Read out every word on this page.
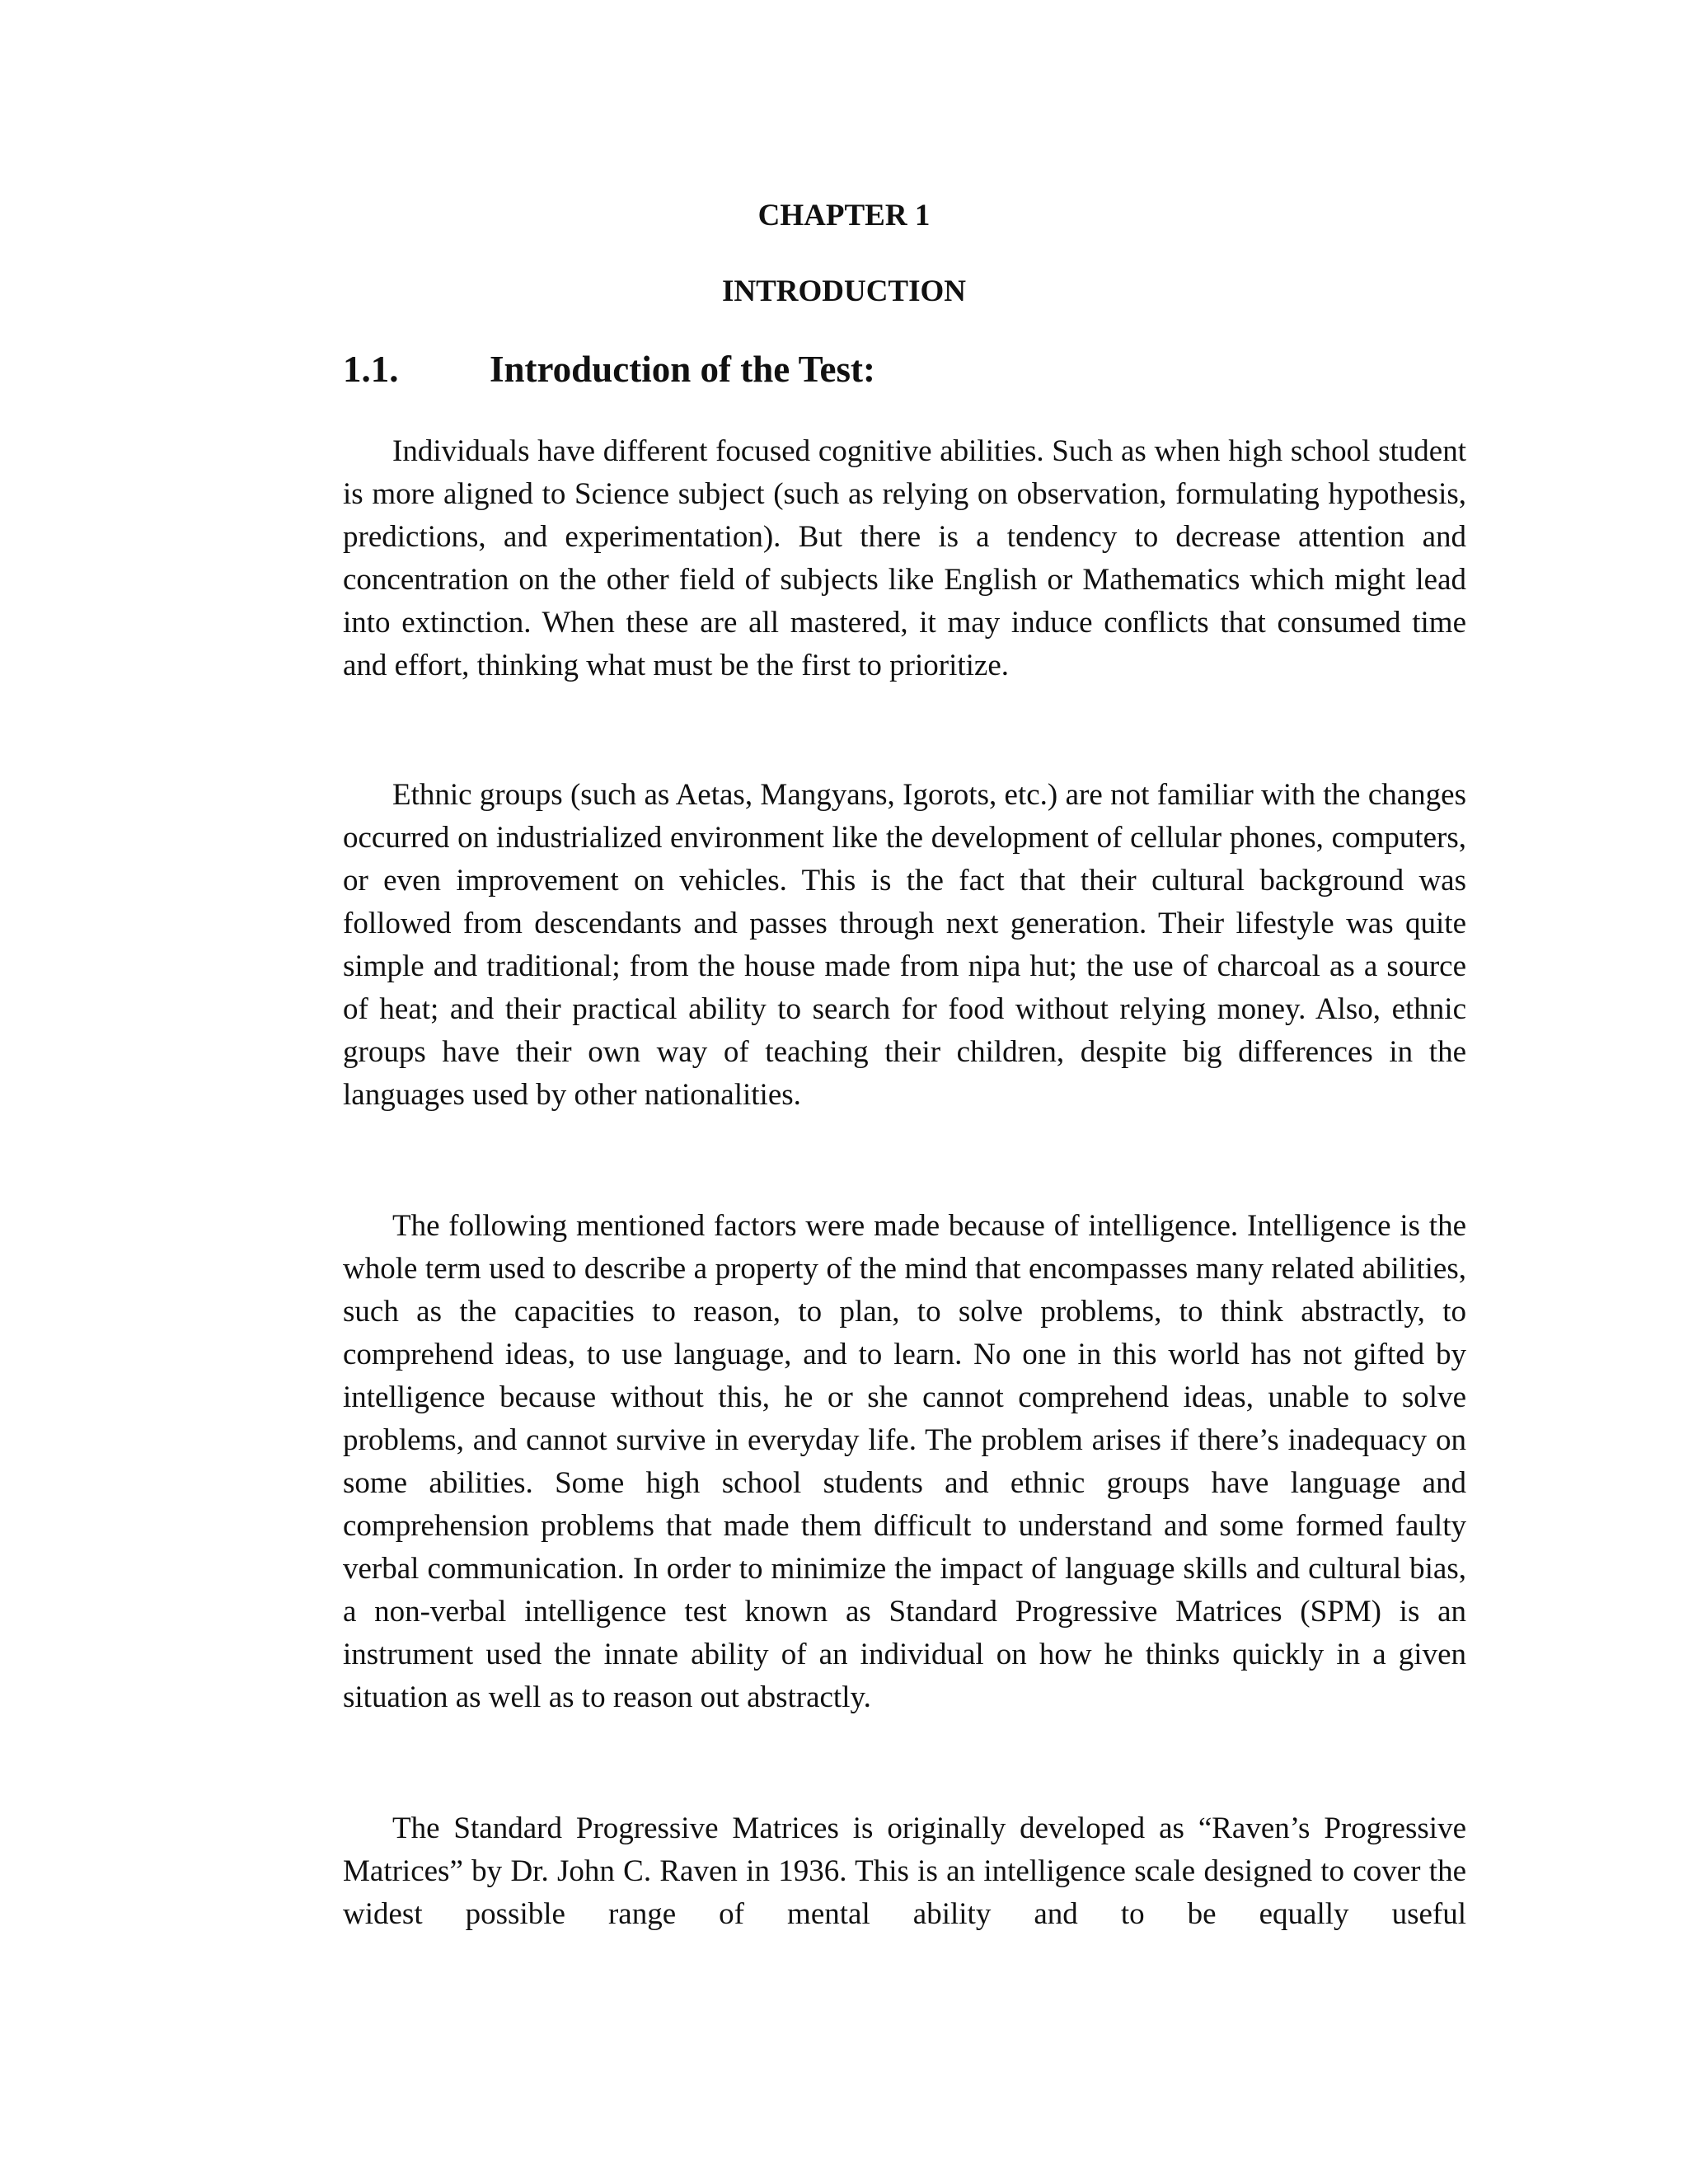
CHAPTER 1
INTRODUCTION
1.1. Introduction of the Test:

Individuals have different focused cognitive abilities. Such as when high school student is more aligned to Science subject (such as relying on observation, formulating hypothesis, predictions, and experimentation). But there is a tendency to decrease attention and concentration on the other field of subjects like English or Mathematics which might lead into extinction. When these are all mastered, it may induce conflicts that consumed time and effort, thinking what must be the first to prioritize.

Ethnic groups (such as Aetas, Mangyans, Igorots, etc.) are not familiar with the changes occurred on industrialized environment like the development of cellular phones, computers, or even improvement on vehicles. This is the fact that their cultural background was followed from descendants and passes through next generation. Their lifestyle was quite simple and traditional; from the house made from nipa hut; the use of charcoal as a source of heat; and their practical ability to search for food without relying money. Also, ethnic groups have their own way of teaching their children, despite big differences in the languages used by other nationalities.

The following mentioned factors were made because of intelligence. Intelligence is the whole term used to describe a property of the mind that encompasses many related abilities, such as the capacities to reason, to plan, to solve problems, to think abstractly, to comprehend ideas, to use language, and to learn. No one in this world has not gifted by intelligence because without this, he or she cannot comprehend ideas, unable to solve problems, and cannot survive in everyday life. The problem arises if there’s inadequacy on some abilities. Some high school students and ethnic groups have language and comprehension problems that made them difficult to understand and some formed faulty verbal communication. In order to minimize the impact of language skills and cultural bias, a non-verbal intelligence test known as Standard Progressive Matrices (SPM) is an instrument used the innate ability of an individual on how he thinks quickly in a given situation as well as to reason out abstractly.

The Standard Progressive Matrices is originally developed as “Raven’s Progressive Matrices” by Dr. John C. Raven in 1936. This is an intelligence scale designed to cover the widest possible range of mental ability and to be equally useful
